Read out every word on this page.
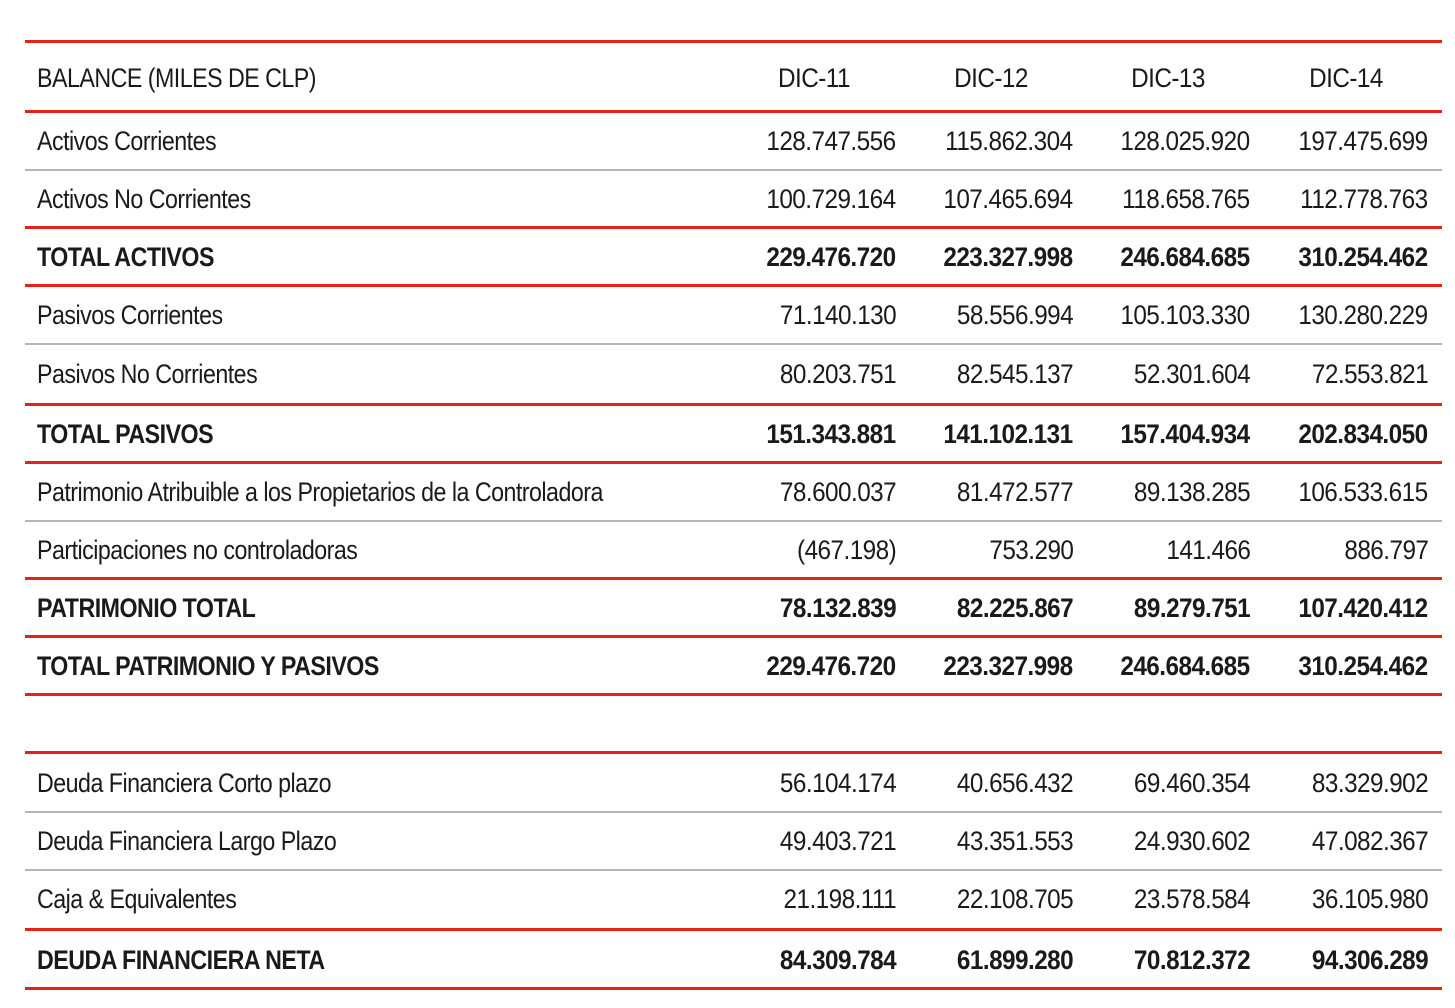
BALANCE (MILES DE CLP)	DIC-11	DIC-12	DIC-13	DIC-14
Activos Corrientes	128.747.556 115.862.304 128.025.920 197.475.699
Activos No Corrientes	100.729.164 107.465.694 118.658.765 112.778.763
TOTAL ACTIVOS	229.476.720 223.327.998 246.684.685 310.254.462
Pasivos Corrientes	71.140.130 58.556.994 105.103.330 130.280.229
Pasivos No Corrientes	80.203.751 82.545.137 52.301.604 72.553.821
TOTAL PASIVOS	151.343.881 141.102.131 157.404.934 202.834.050
Patrimonio Atribuible a los Propietarios de la Controladora	78.600.037 81.472.577 89.138.285 106.533.615
Participaciones no controladoras	(467.198)	753.290	141.466	886.797
PATRIMONIO TOTAL	78.132.839 82.225.867 89.279.751 107.420.412
TOTAL PATRIMONIO Y PASIVOS	229.476.720 223.327.998 246.684.685 310.254.462
Deuda Financiera Corto plazo	56.104.174 40.656.432 69.460.354 83.329.902
Deuda Financiera Largo Plazo	49.403.721 43.351.553 24.930.602 47.082.367
Caja & Equivalentes	21.198.111 22.108.705 23.578.584 36.105.980
DEUDA FINANCIERA NETA	84.309.784 61.899.280 70.812.372 94.306.289
